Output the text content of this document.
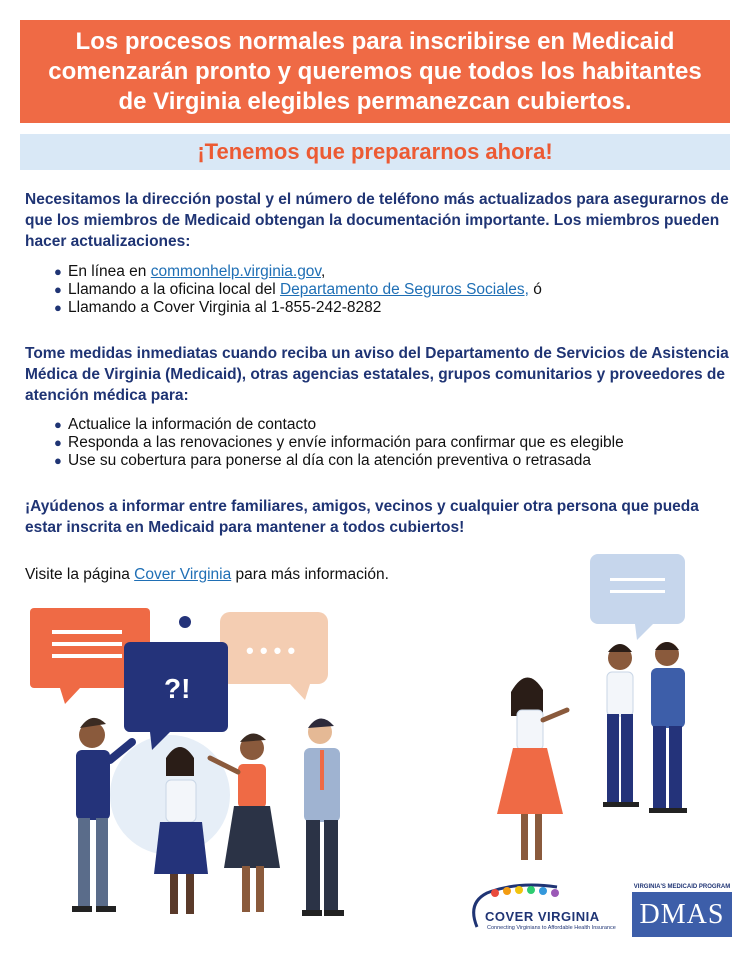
Los procesos normales para inscribirse en Medicaid comenzarán pronto y queremos que todos los habitantes de Virginia elegibles permanezcan cubiertos.

¡Tenemos que prepararnos ahora!

Necesitamos la dirección postal y el número de teléfono más actualizados para asegurarnos de que los miembros de Medicaid obtengan la documentación importante. Los miembros pueden hacer actualizaciones:

● En línea en commonhelp.virginia.gov,
● Llamando a la oficina local del Departamento de Seguros Sociales, ó
● Llamando a Cover Virginia al 1-855-242-8282

Tome medidas inmediatas cuando reciba un aviso del Departamento de Servicios de Asistencia Médica de Virginia (Medicaid), otras agencias estatales, grupos comunitarios y proveedores de atención médica para:

● Actualice la información de contacto
● Responda a las renovaciones y envíe información para confirmar que es elegible
● Use su cobertura para ponerse al día con la atención preventiva o retrasada

¡Ayúdenos a informar entre familiares, amigos, vecinos y cualquier otra persona que pueda estar inscrita en Medicaid para mantener a todos cubiertos!

Visite la página Cover Virginia para más información.

• • • •
?!
COVER VIRGINIA
Connecting Virginians to Affordable Health Insurance
VIRGINIA'S MEDICAID PROGRAM
DMAS
